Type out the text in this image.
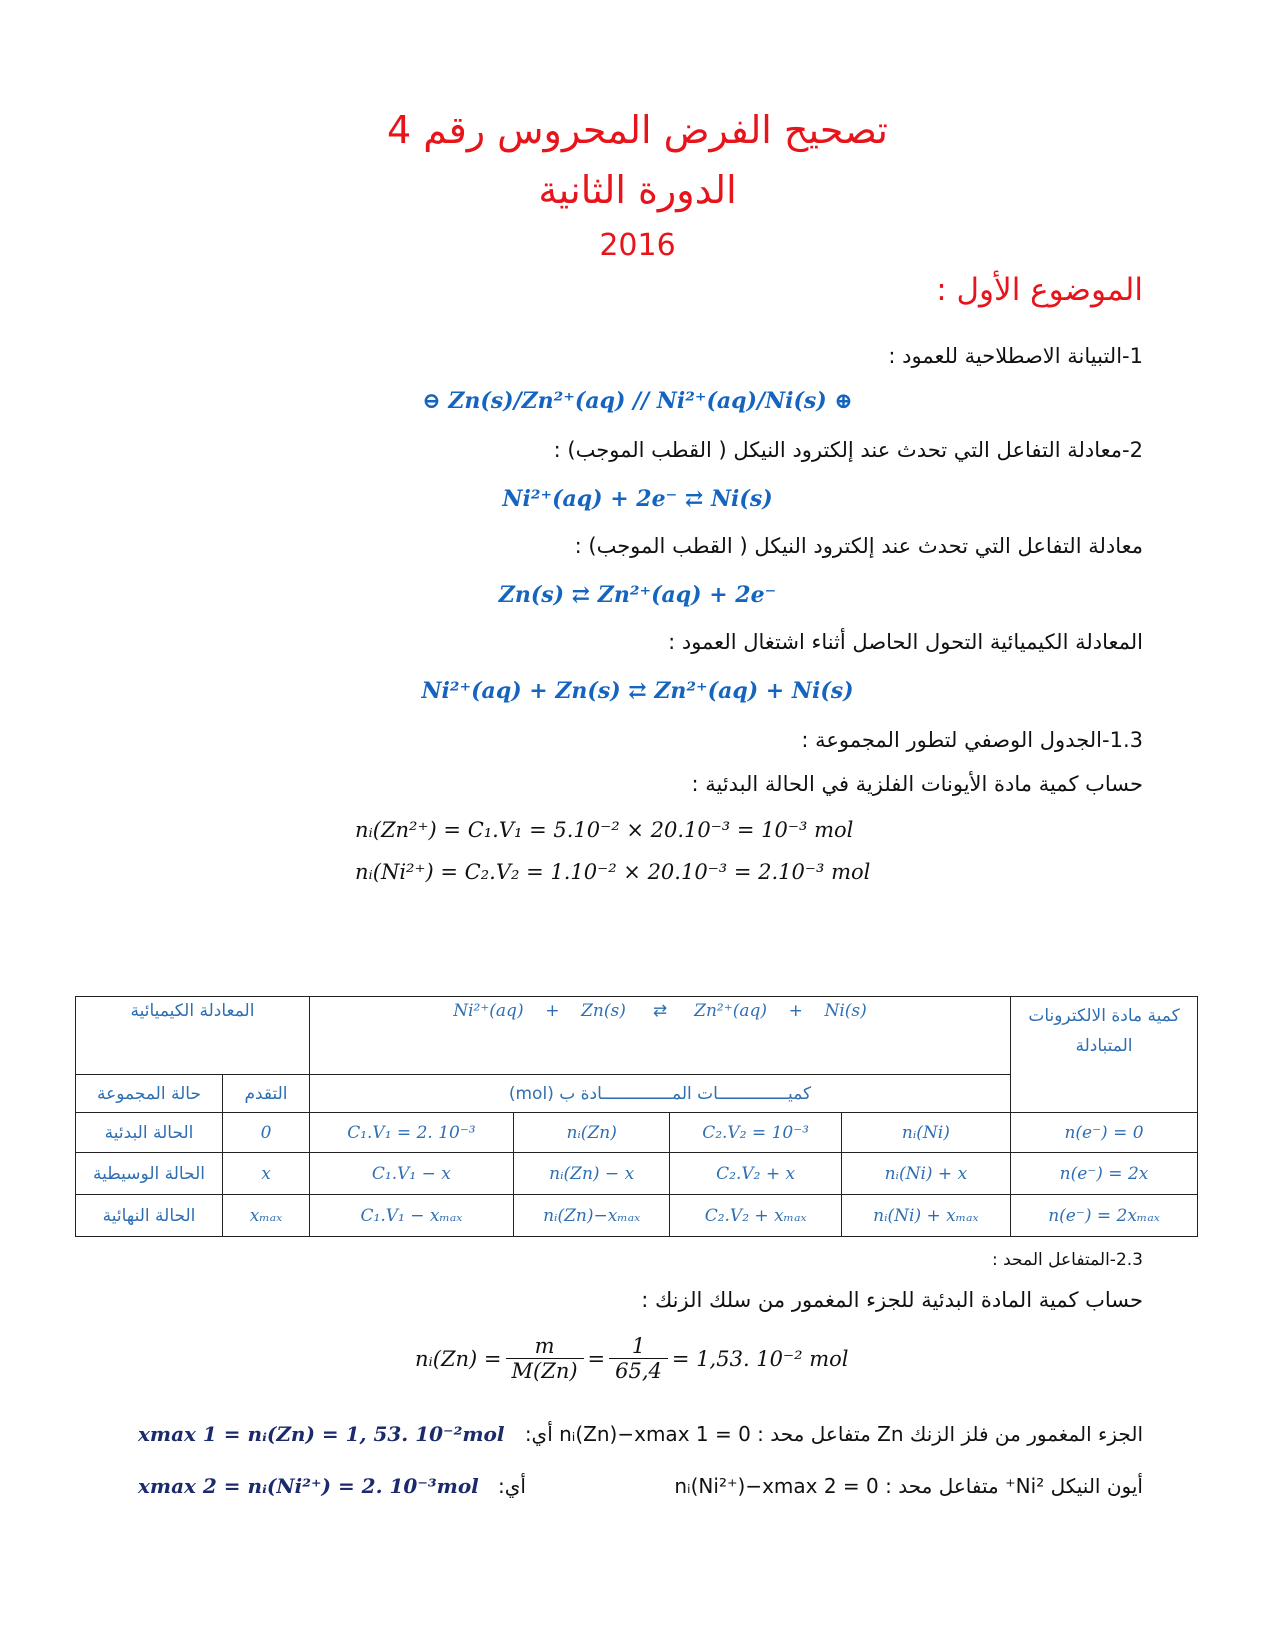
تصحيح الفرض المحروس رقم 4
الدورة الثانية
2016
الموضوع الأول :
1-التبيانة الاصطلاحية للعمود :
⊖ Zn(s)/Zn²⁺(aq) // Ni²⁺(aq)/Ni(s) ⊕
2-معادلة التفاعل التي تحدث عند إلكترود النيكل ( القطب الموجب) :
Ni²⁺(aq) + 2e⁻ ⇄ Ni(s)
معادلة التفاعل التي تحدث عند إلكترود النيكل ( القطب الموجب) :
Zn(s) ⇄ Zn²⁺(aq) + 2e⁻
المعادلة الكيميائية التحول الحاصل أثناء اشتغال العمود :
Ni²⁺(aq) + Zn(s) ⇄ Zn²⁺(aq) + Ni(s)
1.3-الجدول الوصفي لتطور المجموعة :
حساب كمية مادة الأيونات الفلزية في الحالة البدئية :
nᵢ(Zn²⁺) = C₁.V₁ = 5.10⁻² × 20.10⁻³ = 10⁻³ mol
nᵢ(Ni²⁺) = C₂.V₂ = 1.10⁻² × 20.10⁻³ = 2.10⁻³ mol
المعادلة الكيميائية		Ni²⁺(aq) + Zn(s) ⇄ Zn²⁺(aq) + Ni(s)				كمية مادة الالكترونات المتبادلة
حالة المجموعة	التقدم	كميــــــــــــــات المــــــــــــــادة ب (mol)				
الحالة البدئية	0	C₁.V₁ = 2. 10⁻³	nᵢ(Zn)	C₂.V₂ = 10⁻³	nᵢ(Ni)	n(e⁻) = 0
الحالة الوسيطية	x	C₁.V₁ − x	nᵢ(Zn) − x	C₂.V₂ + x	nᵢ(Ni) + x	n(e⁻) = 2x
الحالة النهائية	xₘₐₓ	C₁.V₁ − xₘₐₓ	nᵢ(Zn)−xₘₐₓ	C₂.V₂ + xₘₐₓ	nᵢ(Ni) + xₘₐₓ	n(e⁻) = 2xₘₐₓ
2.3-المتفاعل المحد :
حساب كمية المادة البدئية للجزء المغمور من سلك الزنك :
nᵢ(Zn) = $\frac{m}{M(Zn)} = \frac{1}{65,4} = 1,53$. 10⁻² mol
الجزء المغمور من فلز الزنك Zn متفاعل محد : nᵢ(Zn)−xmax 1 = 0 أي:
xmax 1 = nᵢ(Zn) = 1, 53. 10⁻²mol
أيون النيكل Ni²⁺ متفاعل محد : nᵢ(Ni²⁺)−xmax 2 = 0
أي:
xmax 2 = nᵢ(Ni²⁺) = 2. 10⁻³mol
